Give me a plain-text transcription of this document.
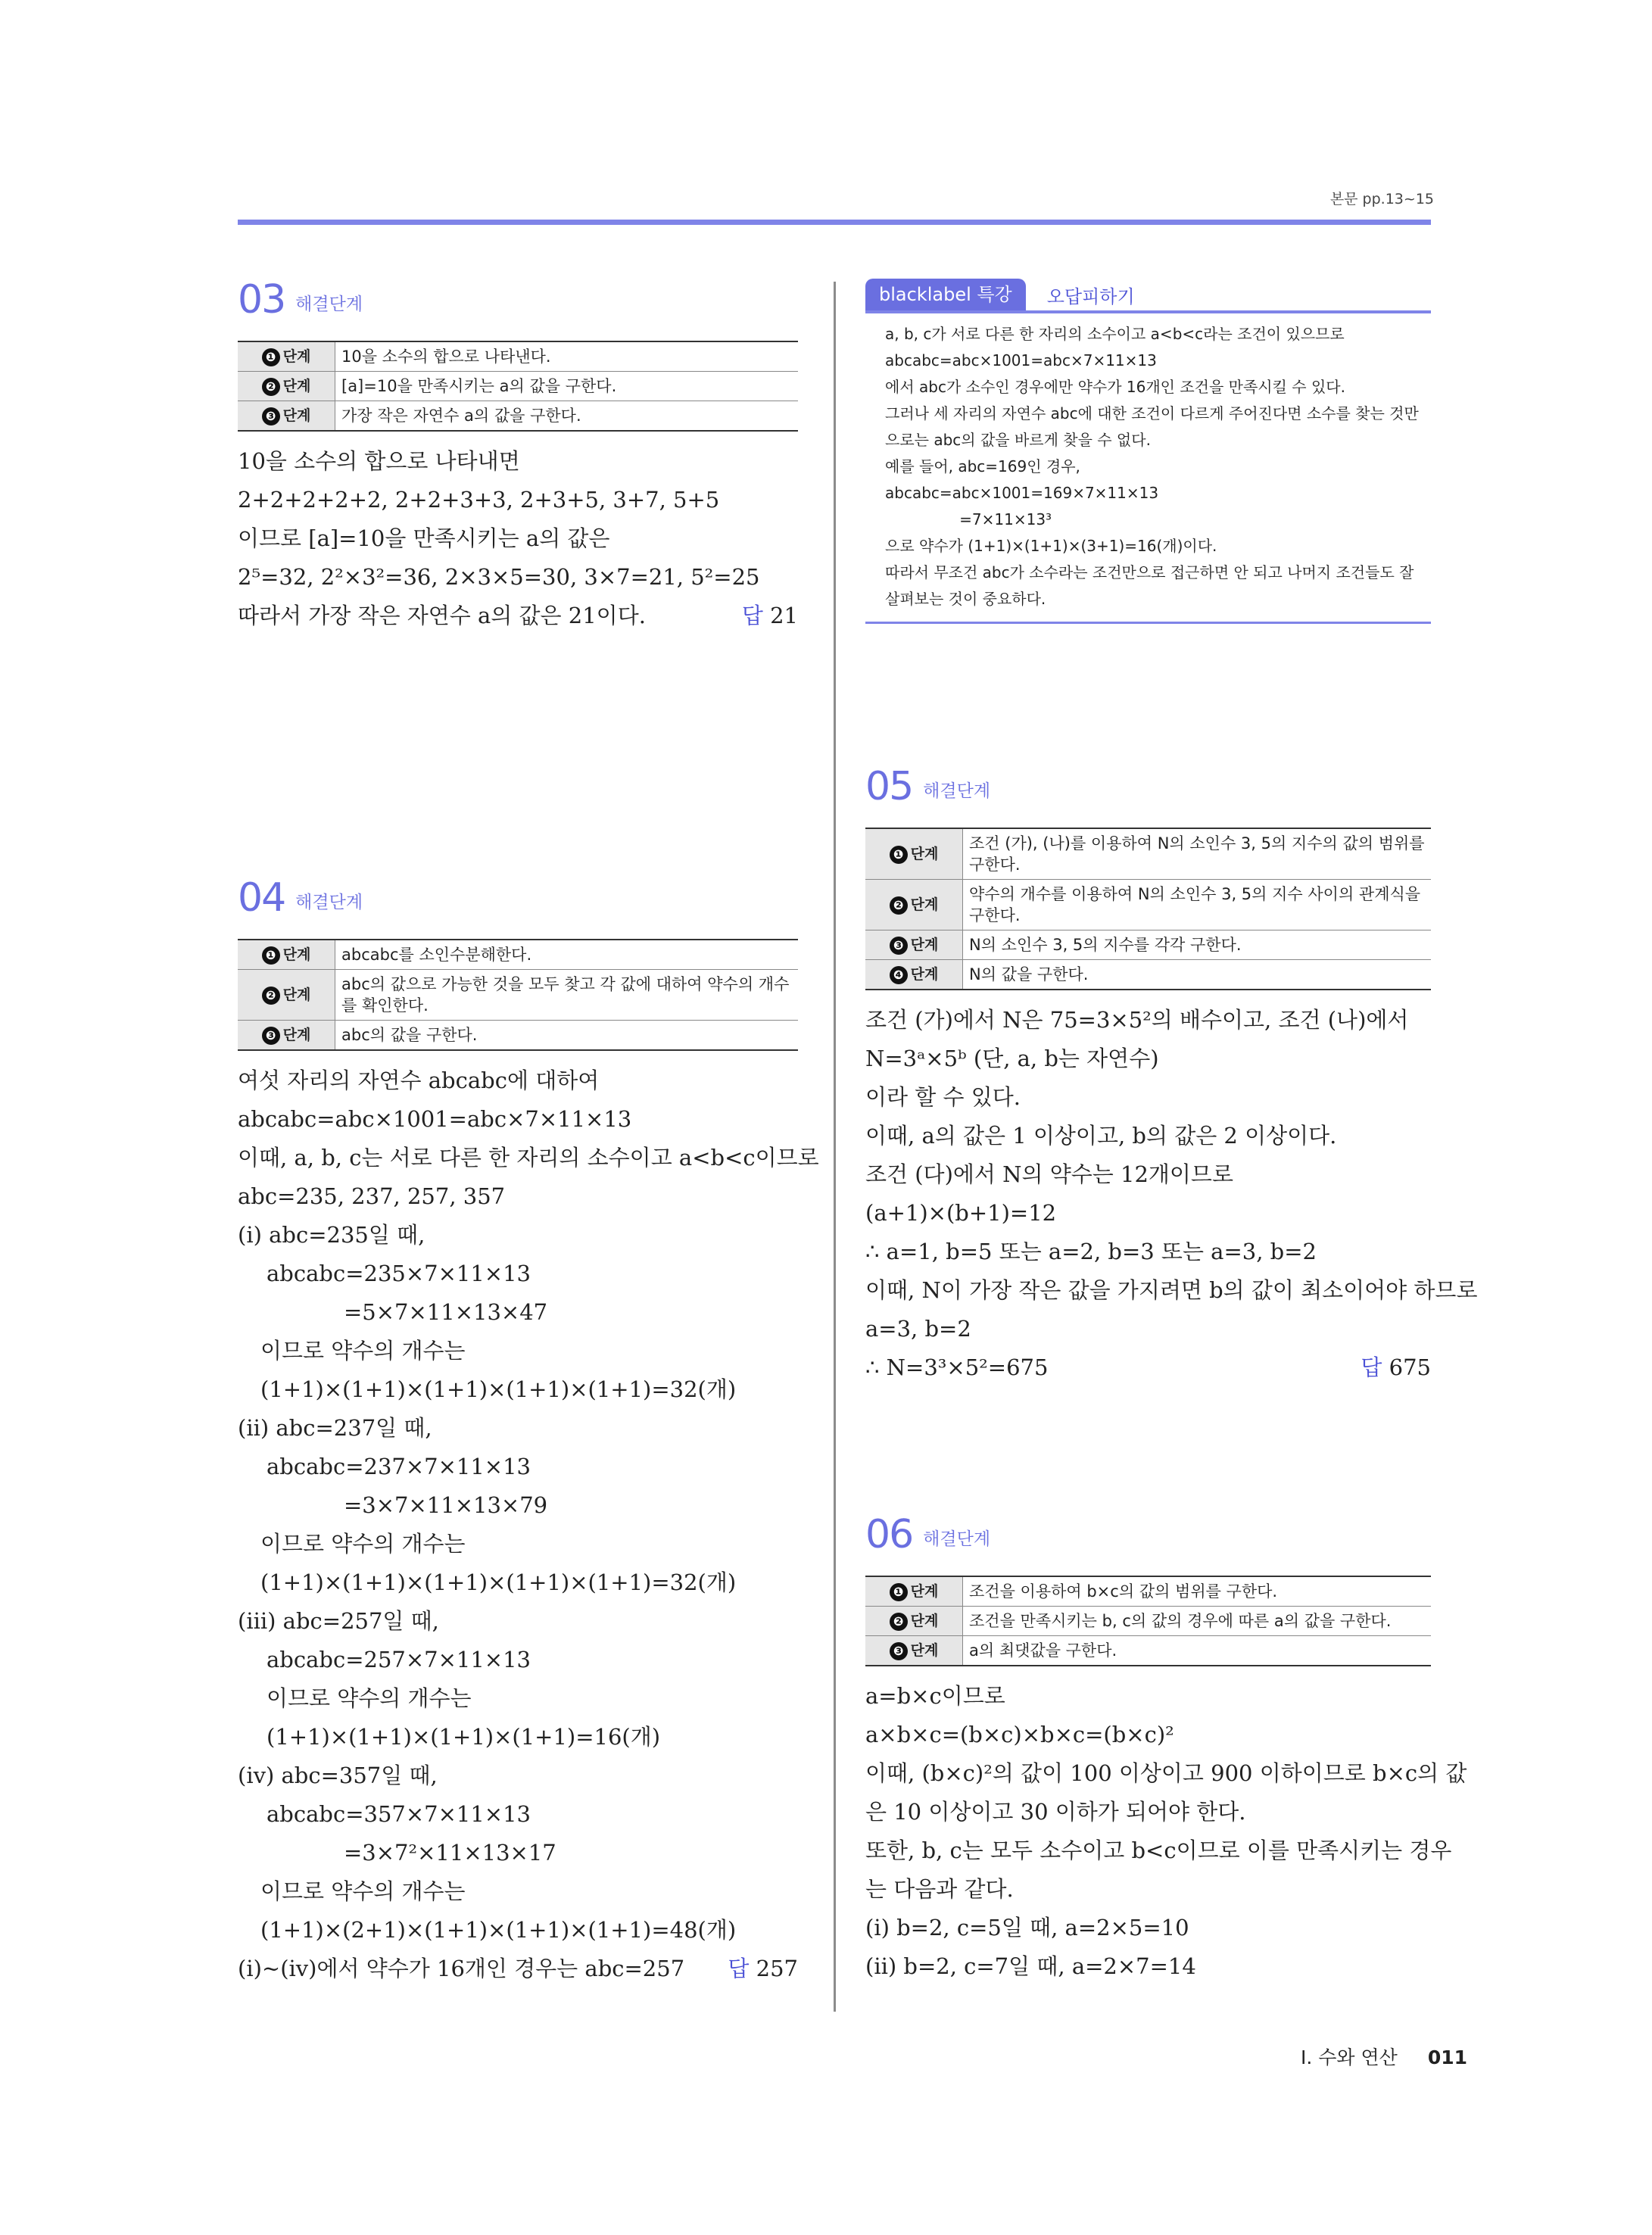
본문 pp.13~15
03 해결단계
❶ 단계	10을 소수의 합으로 나타낸다.
❷ 단계	[a]=10을 만족시키는 a의 값을 구한다.
❸ 단계	가장 작은 자연수 a의 값을 구한다.
10을 소수의 합으로 나타내면
2+2+2+2+2, 2+2+3+3, 2+3+5, 3+7, 5+5
이므로 [a]=10을 만족시키는 a의 값은
2⁵=32, 2²×3²=36, 2×3×5=30, 3×7=21, 5²=25
따라서 가장 작은 자연수 a의 값은 21이다.
	답 21
04 해결단계
❶ 단계	abcabc를 소인수분해한다.
❷ 단계	abc의 값으로 가능한 것을 모두 찾고 각 값에 대하여 약수의 개수를 확인한다.
❸ 단계	abc의 값을 구한다.
여섯 자리의 자연수 abcabc에 대하여
abcabc=abc×1001=abc×7×11×13
이때, a, b, c는 서로 다른 한 자리의 소수이고 a<b<c이므로
abc=235, 237, 257, 357
(ⅰ) abc=235일 때,
abcabc=235×7×11×13
=5×7×11×13×47
이므로 약수의 개수는
(1+1)×(1+1)×(1+1)×(1+1)×(1+1)=32(개)
(ⅱ) abc=237일 때,
abcabc=237×7×11×13
=3×7×11×13×79
이므로 약수의 개수는
(1+1)×(1+1)×(1+1)×(1+1)×(1+1)=32(개)
(ⅲ) abc=257일 때,
abcabc=257×7×11×13
이므로 약수의 개수는
(1+1)×(1+1)×(1+1)×(1+1)=16(개)
(ⅳ) abc=357일 때,
abcabc=357×7×11×13
=3×7²×11×13×17
이므로 약수의 개수는
(1+1)×(2+1)×(1+1)×(1+1)×(1+1)=48(개)
(ⅰ)~(ⅳ)에서 약수가 16개인 경우는 abc=257
답 257
blacklabel 특강	오답피하기
a, b, c가 서로 다른 한 자리의 소수이고 a<b<c라는 조건이 있으므로
abcabc=abc×1001=abc×7×11×13
에서 abc가 소수인 경우에만 약수가 16개인 조건을 만족시킬 수 있다.
그러나 세 자리의 자연수 abc에 대한 조건이 다르게 주어진다면 소수를 찾는 것만
으로는 abc의 값을 바르게 찾을 수 없다.
예를 들어, abc=169인 경우,
abcabc=abc×1001=169×7×11×13
=7×11×13³
으로 약수가 (1+1)×(1+1)×(3+1)=16(개)이다.
따라서 무조건 abc가 소수라는 조건만으로 접근하면 안 되고 나머지 조건들도 잘
살펴보는 것이 중요하다.
05 해결단계
❶ 단계	조건 (가), (나)를 이용하여 N의 소인수 3, 5의 지수의 값의 범위를 구한다.
❷ 단계	약수의 개수를 이용하여 N의 소인수 3, 5의 지수 사이의 관계식을 구한다.
❸ 단계	N의 소인수 3, 5의 지수를 각각 구한다.
❹ 단계	N의 값을 구한다.
조건 (가)에서 N은 75=3×5²의 배수이고, 조건 (나)에서
N=3ᵃ×5ᵇ (단, a, b는 자연수)
이라 할 수 있다.
이때, a의 값은 1 이상이고, b의 값은 2 이상이다.
조건 (다)에서 N의 약수는 12개이므로
(a+1)×(b+1)=12
∴ a=1, b=5 또는 a=2, b=3 또는 a=3, b=2
이때, N이 가장 작은 값을 가지려면 b의 값이 최소이어야 하므로
a=3, b=2
∴ N=3³×5²=675
	답 675
06 해결단계
❶ 단계	조건을 이용하여 b×c의 값의 범위를 구한다.
❷ 단계	조건을 만족시키는 b, c의 값의 경우에 따른 a의 값을 구한다.
❸ 단계	a의 최댓값을 구한다.
a=b×c이므로
a×b×c=(b×c)×b×c=(b×c)²
이때, (b×c)²의 값이 100 이상이고 900 이하이므로 b×c의 값
은 10 이상이고 30 이하가 되어야 한다.
또한, b, c는 모두 소수이고 b<c이므로 이를 만족시키는 경우
는 다음과 같다.
(ⅰ) b=2, c=5일 때, a=2×5=10
(ⅱ) b=2, c=7일 때, a=2×7=14
I. 수와 연산 011
